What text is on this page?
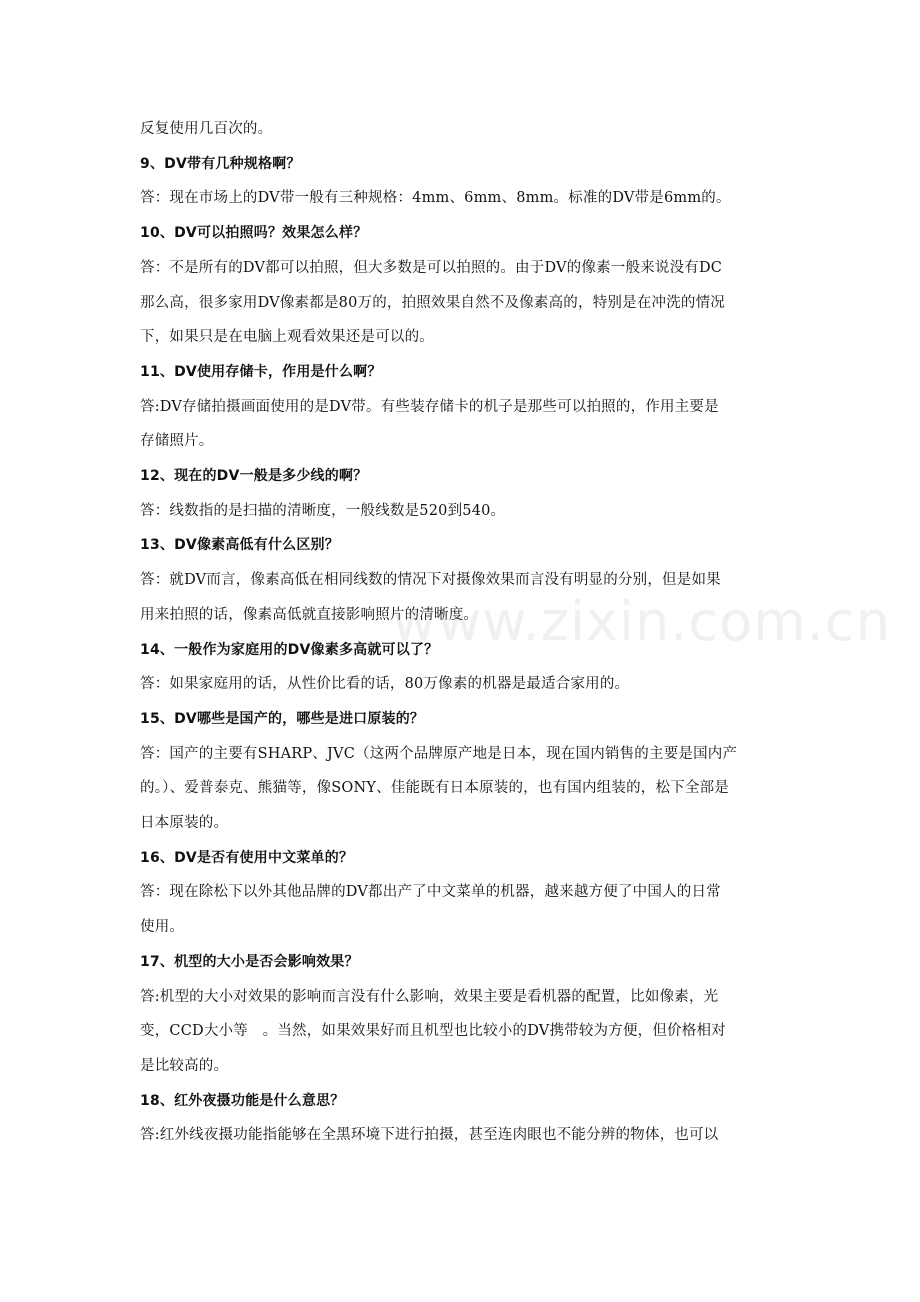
反复使用几百次的。
9、DV带有几种规格啊？
答：现在市场上的DV带一般有三种规格：4mm、6mm、8mm。标准的DV带是6mm的。
10、DV可以拍照吗？效果怎么样？
答：不是所有的DV都可以拍照，但大多数是可以拍照的。由于DV的像素一般来说没有DC
那么高，很多家用DV像素都是80万的，拍照效果自然不及像素高的，特别是在冲洗的情况
下，如果只是在电脑上观看效果还是可以的。
11、DV使用存储卡，作用是什么啊？
答:DV存储拍摄画面使用的是DV带。有些装存储卡的机子是那些可以拍照的，作用主要是
存储照片。
12、现在的DV一般是多少线的啊？
答：线数指的是扫描的清晰度，一般线数是520到540。
13、DV像素高低有什么区别？
答：就DV而言，像素高低在相同线数的情况下对摄像效果而言没有明显的分别，但是如果
用来拍照的话，像素高低就直接影响照片的清晰度。
14、一般作为家庭用的DV像素多高就可以了？
答：如果家庭用的话，从性价比看的话，80万像素的机器是最适合家用的。
15、DV哪些是国产的，哪些是进口原装的？
答：国产的主要有SHARP、JVC（这两个品牌原产地是日本，现在国内销售的主要是国内产
的。）、爱普泰克、熊猫等，像SONY、佳能既有日本原装的，也有国内组装的，松下全部是
日本原装的。
16、DV是否有使用中文菜单的？
答：现在除松下以外其他品牌的DV都出产了中文菜单的机器，越来越方便了中国人的日常
使用。
17、机型的大小是否会影响效果？
答:机型的大小对效果的影响而言没有什么影响，效果主要是看机器的配置，比如像素，光
变，CCD大小等　。当然，如果效果好而且机型也比较小的DV携带较为方便，但价格相对
是比较高的。
18、红外夜摄功能是什么意思？
答:红外线夜摄功能指能够在全黑环境下进行拍摄，甚至连肉眼也不能分辨的物体，也可以
www.zixin.com.cn
